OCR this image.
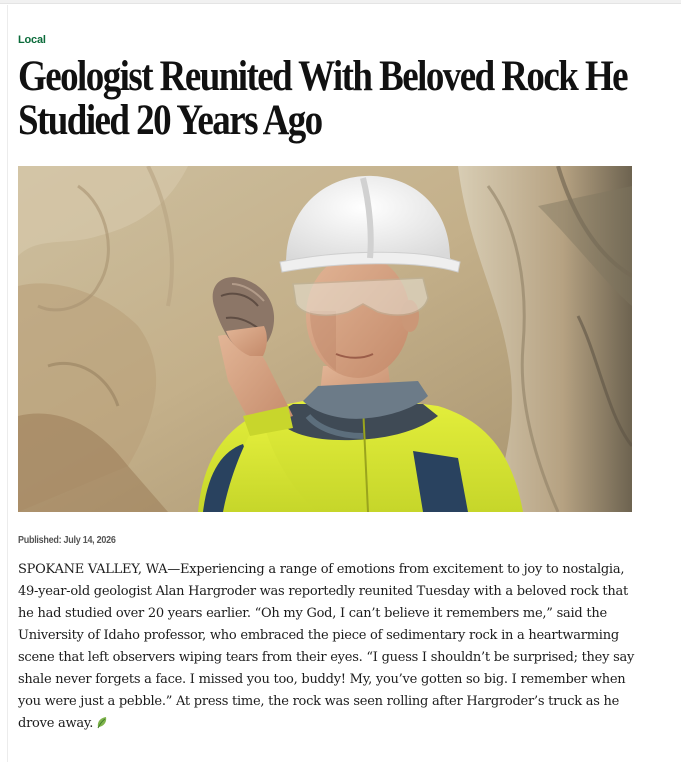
Local
Geologist Reunited With Beloved Rock He
Studied 20 Years Ago
Published: July 14, 2026

SPOKANE VALLEY, WA—Experiencing a range of emotions from excitement to joy to nostalgia,

49-year-old geologist Alan Hargroder was reportedly reunited Tuesday with a beloved rock that

he had studied over 20 years earlier. “Oh my God, I can’t believe it remembers me,” said the

University of Idaho professor, who embraced the piece of sedimentary rock in a heartwarming

scene that left observers wiping tears from their eyes. “I guess I shouldn’t be surprised; they say

shale never forgets a face. I missed you too, buddy! My, you’ve gotten so big. I remember when

you were just a pebble.” At press time, the rock was seen rolling after Hargroder’s truck as he

drove away.
